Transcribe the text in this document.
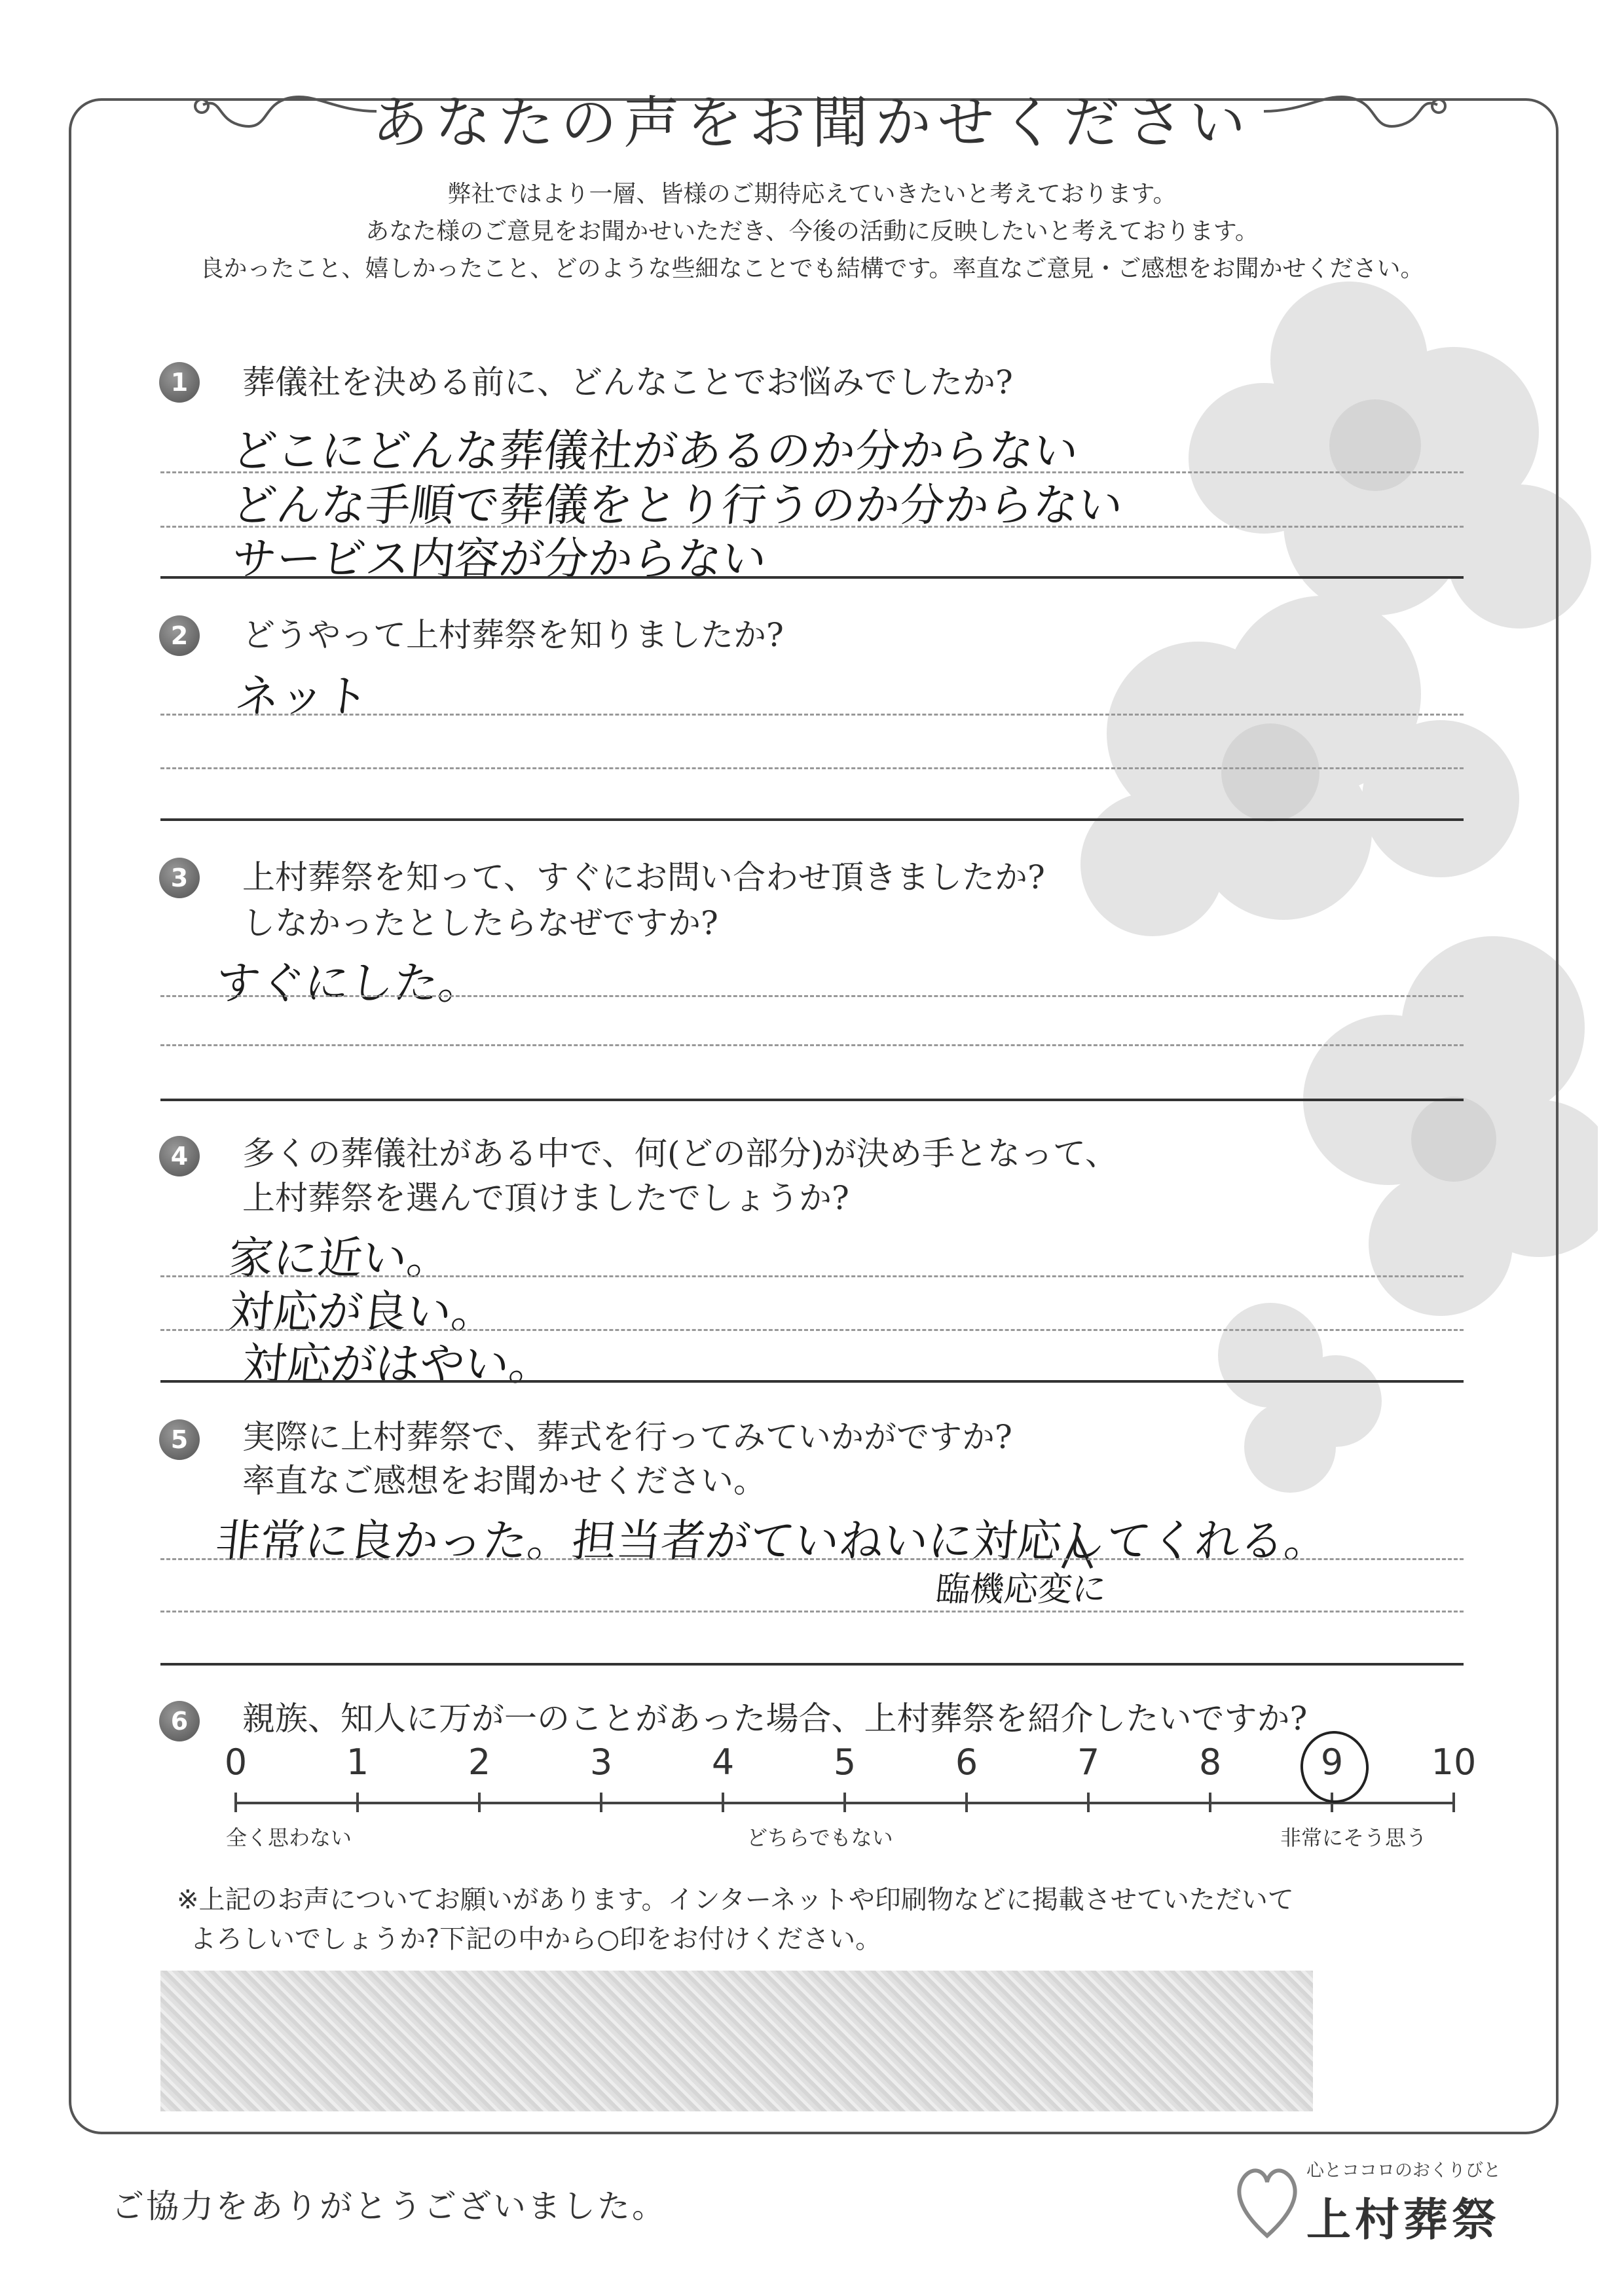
あなたの声をお聞かせください
弊社ではより一層、皆様のご期待応えていきたいと考えております。
あなた様のご意見をお聞かせいただき、今後の活動に反映したいと考えております。
良かったこと、嬉しかったこと、どのような些細なことでも結構です。率直なご意見・ご感想をお聞かせください。
1	葬儀社を決める前に、どんなことでお悩みでしたか?
どこにどんな葬儀社があるのか分からない
どんな手順で葬儀をとり行うのか分からない
サービス内容が分からない
2	どうやって上村葬祭を知りましたか?
ネット
3	上村葬祭を知って、すぐにお問い合わせ頂きましたか?
しなかったとしたらなぜですか?
すぐにした。
4	多くの葬儀社がある中で、何(どの部分)が決め手となって、
上村葬祭を選んで頂けましたでしょうか?
家に近い。
対応が良い。
対応がはやい。
5	実際に上村葬祭で、葬式を行ってみていかがですか?
率直なご感想をお聞かせください。
非常に良かった。担当者がていねいに対応してくれる。
臨機応変に
6	親族、知人に万が一のことがあった場合、上村葬祭を紹介したいですか?
全く思わない	どちらでもない	非常にそう思う
0	1	2	3	4	5	6	7	8	9	10
※上記のお声についてお願いがあります。インターネットや印刷物などに掲載させていただいて
よろしいでしょうか?下記の中から○印をお付けください。
ご協力をありがとうございました。
心とココロのおくりびと
上村葬祭
